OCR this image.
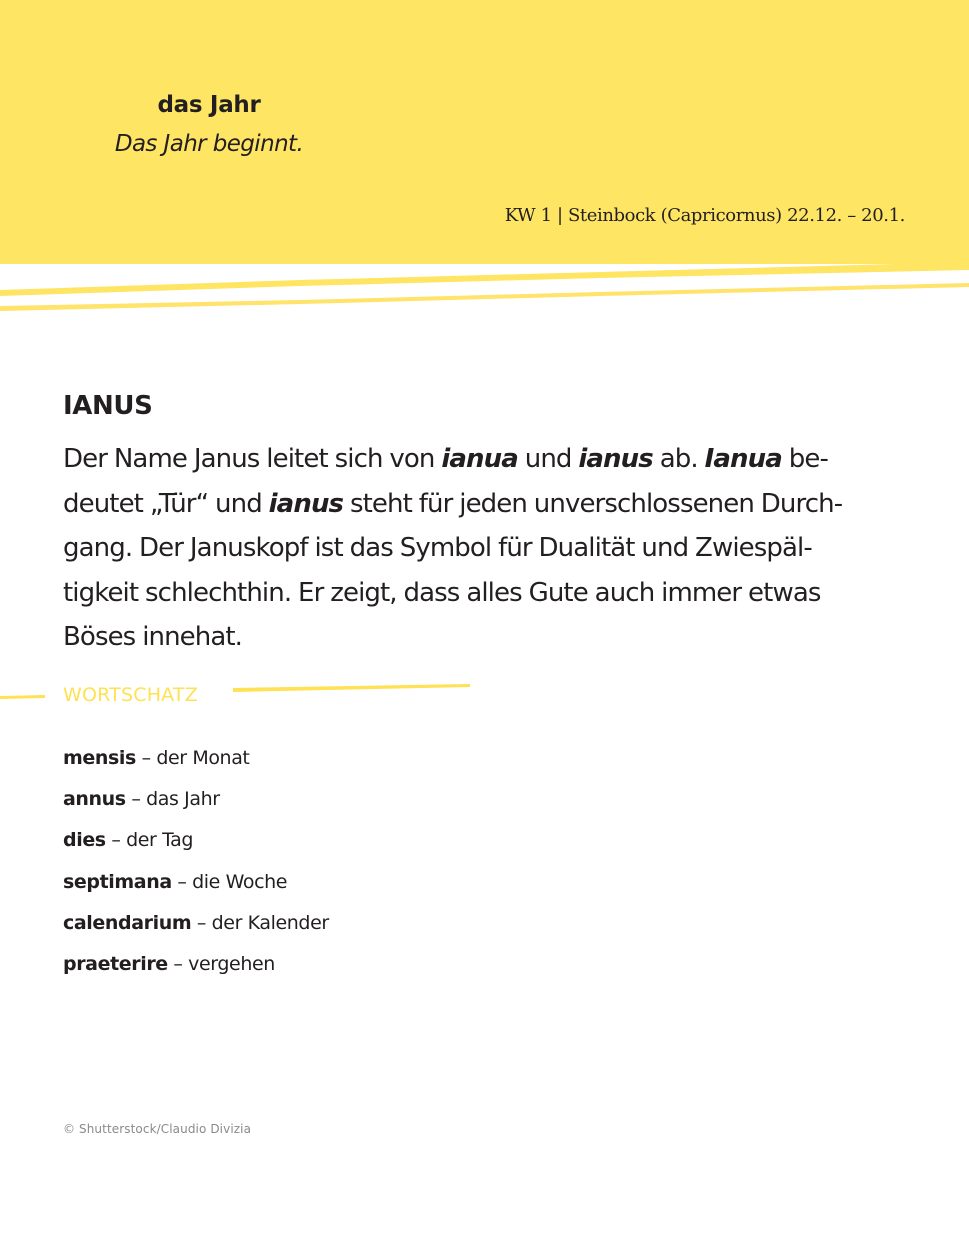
das Jahr
Das Jahr beginnt.
KW 1 | Steinbock (Capricornus) 22.12. – 20.1.
IANUS
Der Name Janus leitet sich von ianua und ianus ab. Ianua be-
deutet „Tür“ und ianus steht für jeden unverschlossenen Durch-
gang. Der Januskopf ist das Symbol für Dualität und Zwiespäl-
tigkeit schlechthin. Er zeigt, dass alles Gute auch immer etwas
Böses innehat.
WORTSCHATZ
mensis – der Monat
annus – das Jahr
dies – der Tag
septimana – die Woche
calendarium – der Kalender
praeterire – vergehen
© Shutterstock/Claudio Divizia
